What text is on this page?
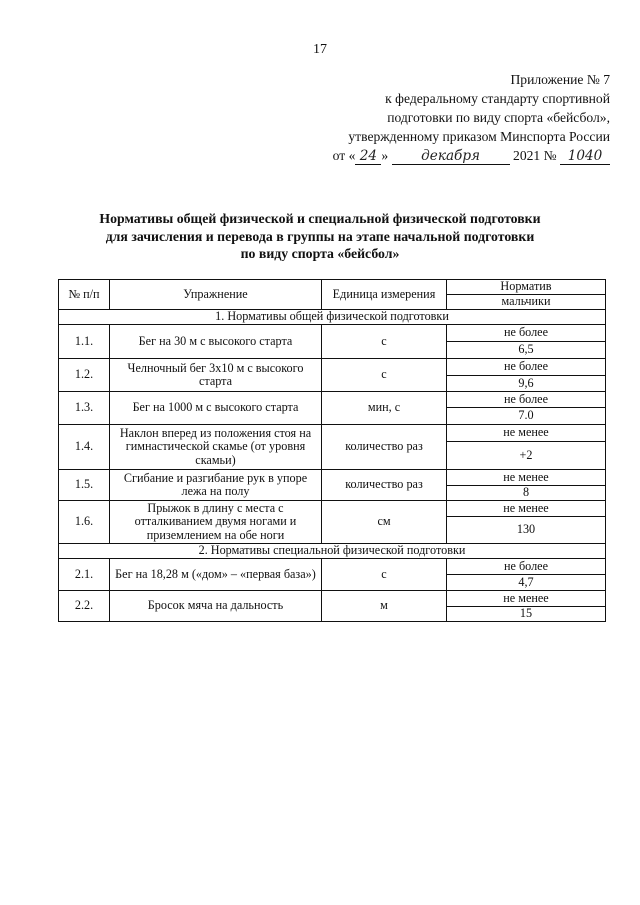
17
Приложение № 7
к федеральному стандарту спортивной
подготовки по виду спорта «бейсбол»,
утвержденному приказом Минспорта России
от « 24 » декабря 2021 № 1040
Нормативы общей физической и специальной физической подготовки
для зачисления и перевода в группы на этапе начальной подготовки
по виду спорта «бейсбол»
№ п/п	Упражнение	Единица измерения	Норматив
			мальчики
1. Нормативы общей физической подготовки			
1.1.	Бег на 30 м с высокого старта	с	не более
			6,5
1.2.	Челночный бег 3х10 м с высокого старта	с	не более
			9,6
1.3.	Бег на 1000 м с высокого старта	мин, с	не более
			7.0
1.4.	Наклон вперед из положения стоя на гимнастической скамье (от уровня скамьи)	количество раз	не менее
			+2
1.5.	Сгибание и разгибание рук в упоре лежа на полу	количество раз	не менее
			8
1.6.	Прыжок в длину с места с отталкиванием двумя ногами и приземлением на обе ноги	см	не менее
			130
2. Нормативы специальной физической подготовки			
2.1.	Бег на 18,28 м («дом» – «первая база»)	с	не более
			4,7
2.2.	Бросок мяча на дальность	м	не менее
			15
